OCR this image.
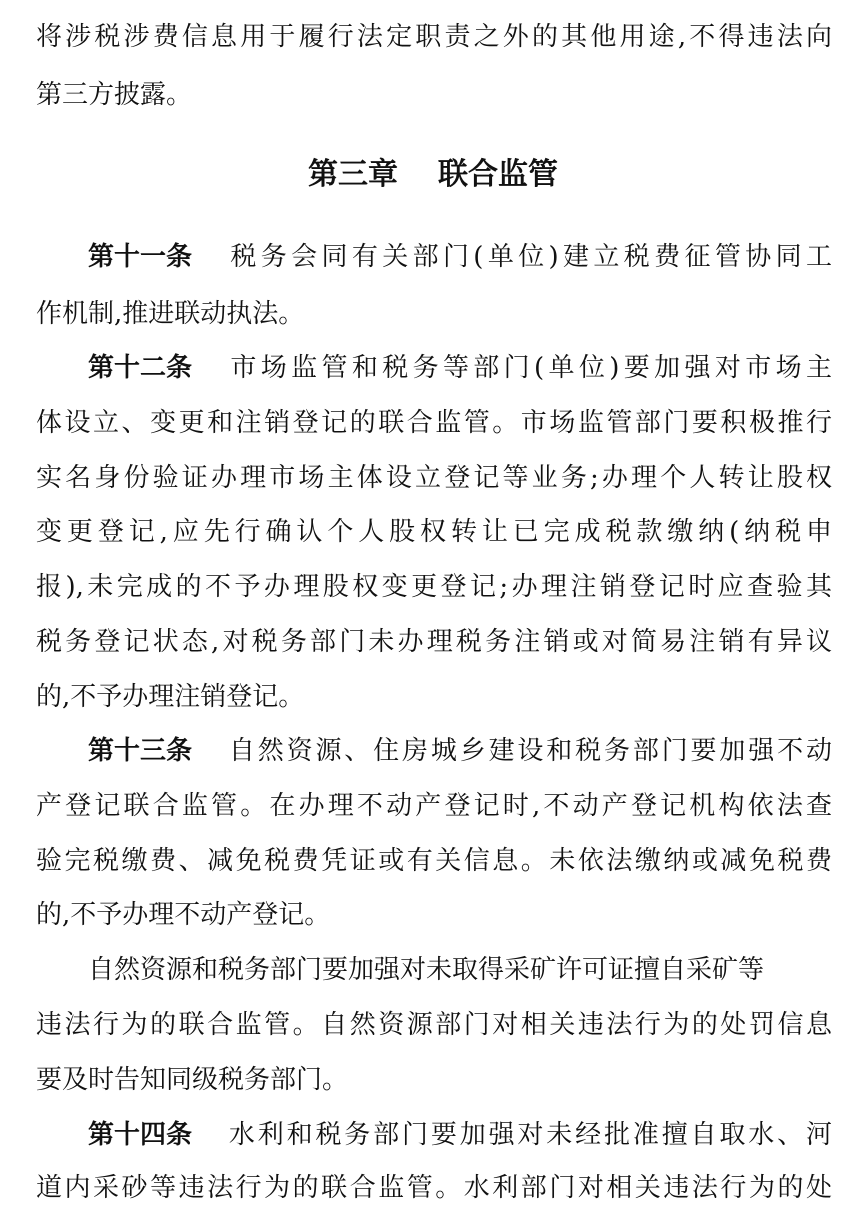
将涉税涉费信息用于履行法定职责之外的其他用途,不得违法向
第三方披露。
第三章 联合监管
第十一条 税务会同有关部门(单位)建立税费征管协同工
作机制,推进联动执法。
第十二条 市场监管和税务等部门(单位)要加强对市场主
体设立、变更和注销登记的联合监管。市场监管部门要积极推行
实名身份验证办理市场主体设立登记等业务;办理个人转让股权
变更登记,应先行确认个人股权转让已完成税款缴纳(纳税申
报),未完成的不予办理股权变更登记;办理注销登记时应查验其
税务登记状态,对税务部门未办理税务注销或对简易注销有异议
的,不予办理注销登记。
第十三条 自然资源、住房城乡建设和税务部门要加强不动
产登记联合监管。在办理不动产登记时,不动产登记机构依法查
验完税缴费、减免税费凭证或有关信息。未依法缴纳或减免税费
的,不予办理不动产登记。
自然资源和税务部门要加强对未取得采矿许可证擅自采矿等
违法行为的联合监管。自然资源部门对相关违法行为的处罚信息
要及时告知同级税务部门。
第十四条 水利和税务部门要加强对未经批准擅自取水、河
道内采砂等违法行为的联合监管。水利部门对相关违法行为的处
